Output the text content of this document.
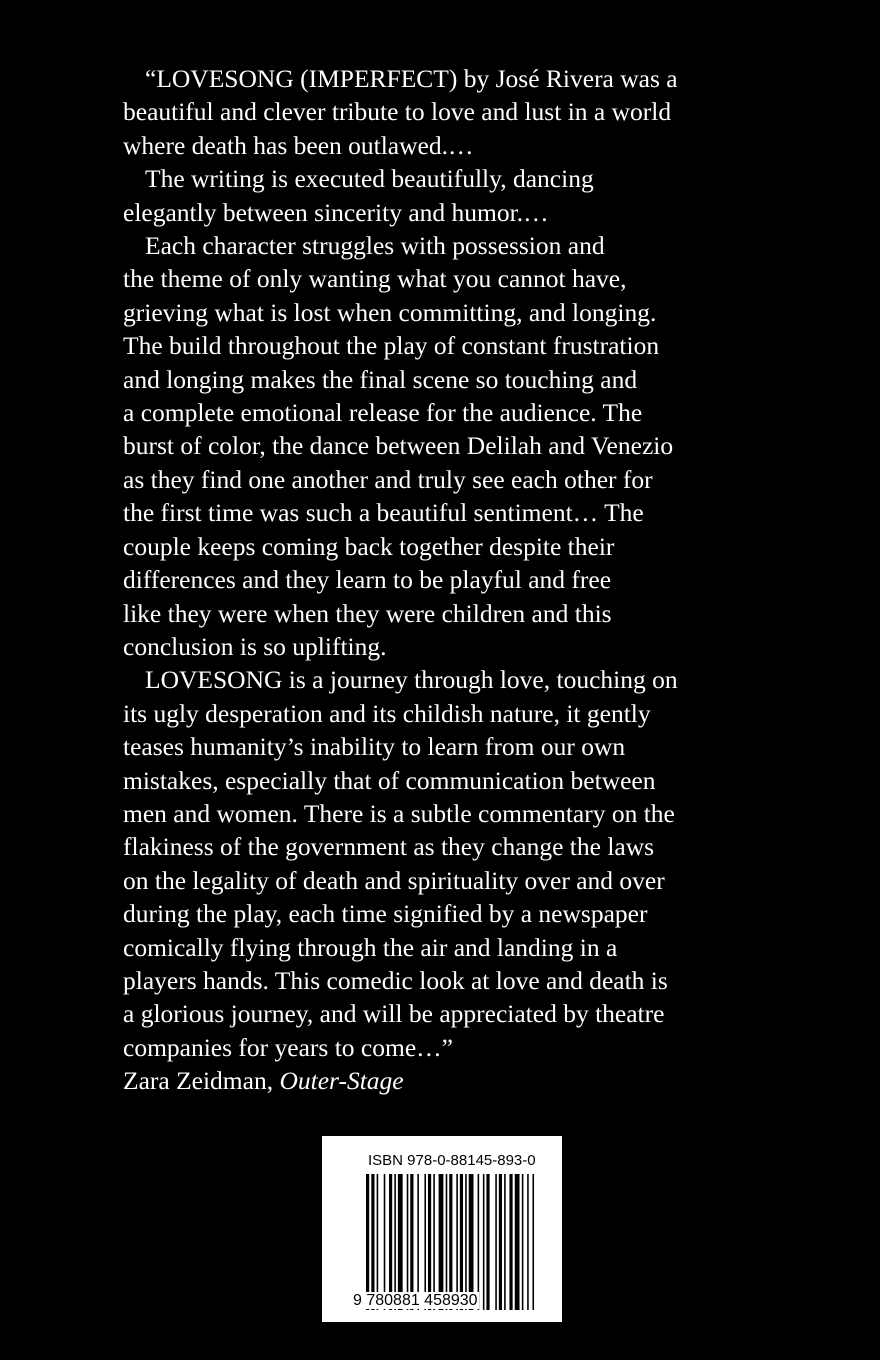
“LOVESONG (IMPERFECT) by José Rivera was a
beautiful and clever tribute to love and lust in a world
where death has been outlawed.…
The writing is executed beautifully, dancing
elegantly between sincerity and humor.…
Each character struggles with possession and
the theme of only wanting what you cannot have,
grieving what is lost when committing, and longing.
The build throughout the play of constant frustration
and longing makes the final scene so touching and
a complete emotional release for the audience. The
burst of color, the dance between Delilah and Venezio
as they find one another and truly see each other for
the first time was such a beautiful sentiment… The
couple keeps coming back together despite their
differences and they learn to be playful and free
like they were when they were children and this
conclusion is so uplifting.
LOVESONG is a journey through love, touching on
its ugly desperation and its childish nature, it gently
teases humanity’s inability to learn from our own
mistakes, especially that of communication between
men and women. There is a subtle commentary on the
flakiness of the government as they change the laws
on the legality of death and spirituality over and over
during the play, each time signified by a newspaper
comically flying through the air and landing in a
players hands. This comedic look at love and death is
a glorious journey, and will be appreciated by theatre
companies for years to come…”
Zara Zeidman, Outer-Stage
ISBN 978-0-88145-893-0
9 780881 458930
